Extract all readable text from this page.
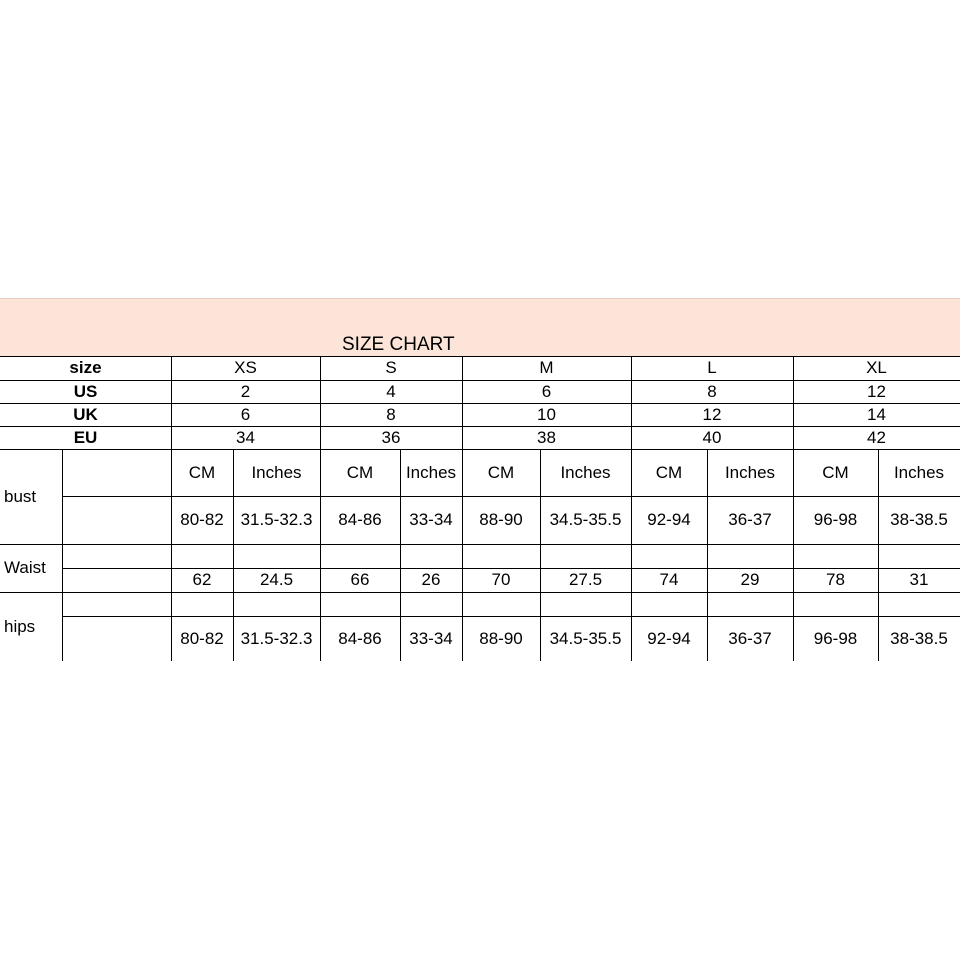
SIZE CHART
size	XS	S	M	L	XL
US	2	4	6	8	12
UK	6	8	10	12	14
EU	34	36	38	40	42
CM	Inches	CM	Inches	CM	Inches	CM	Inches	CM	Inches
bust
80-82 31.5-32.3	84-86	33-34	88-90	34.5-35.5	92-94	36-37	96-98	38-38.5
Waist
62	24.5	66	26	70	27.5	74	29	78	31
hips
80-82 31.5-32.3	84-86	33-34	88-90	34.5-35.5	92-94	36-37	96-98	38-38.5
